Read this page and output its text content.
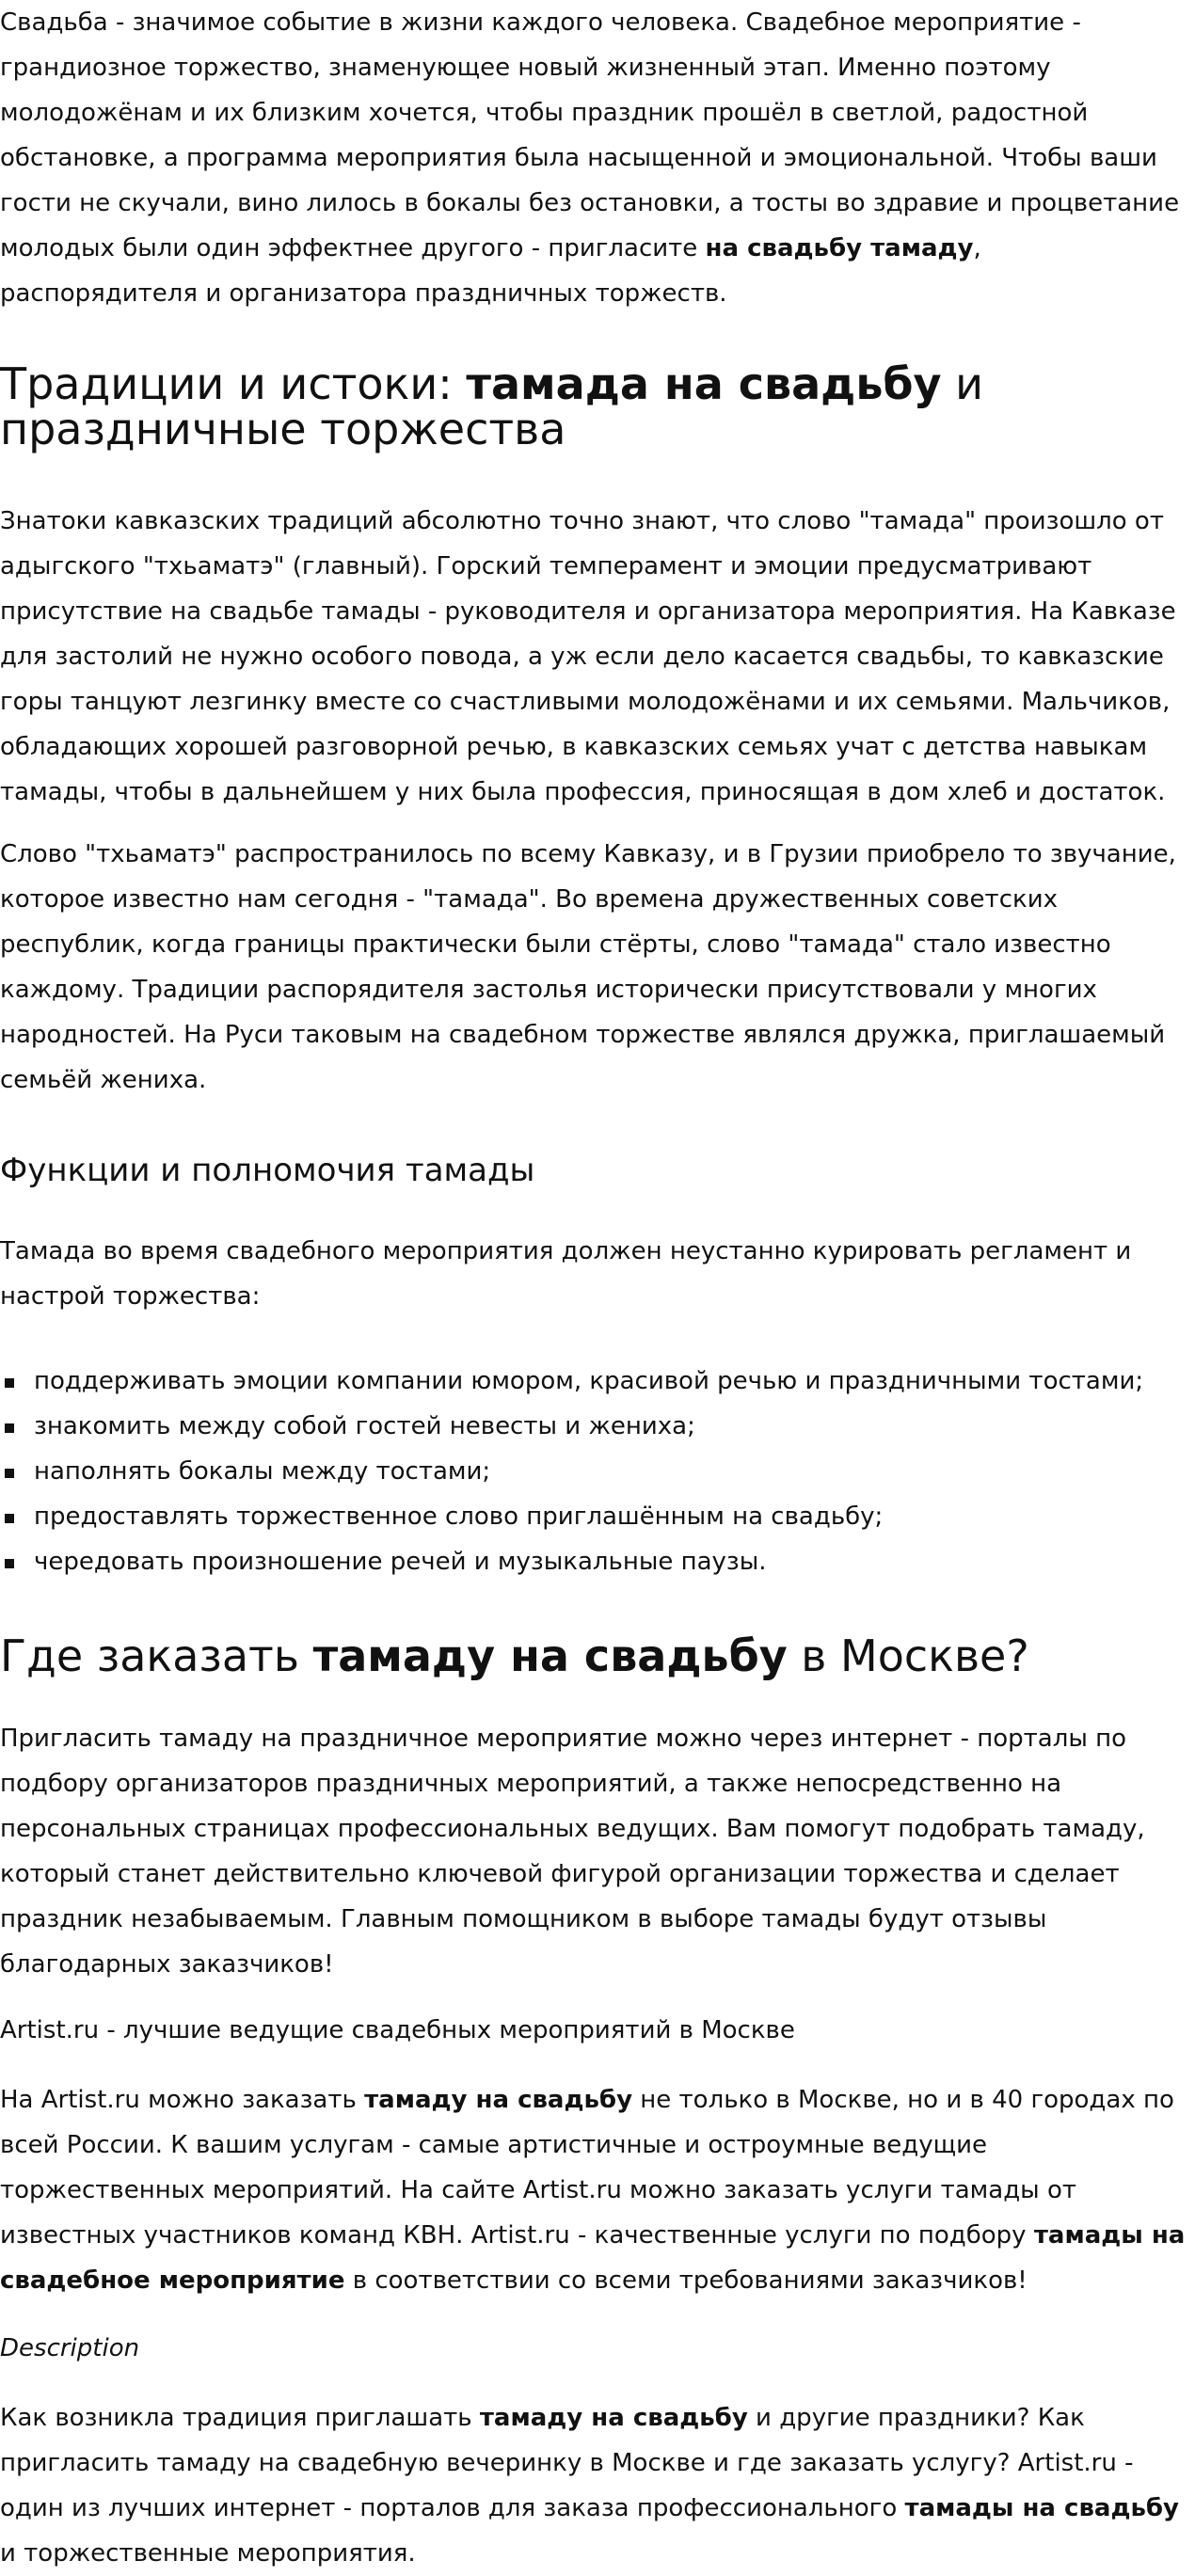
Свадьба - значимое событие в жизни каждого человека. Свадебное мероприятие - грандиозное торжество, знаменующее новый жизненный этап. Именно поэтому молодожёнам и их близким хочется, чтобы праздник прошёл в светлой, радостной обстановке, а программа мероприятия была насыщенной и эмоциональной. Чтобы ваши гости не скучали, вино лилось в бокалы без остановки, а тосты во здравие и процветание молодых были один эффектнее другого - пригласите на свадьбу тамаду, распорядителя и организатора праздничных торжеств.

Традиции и истоки: тамада на свадьбу и праздничные торжества

Знатоки кавказских традиций абсолютно точно знают, что слово "тамада" произошло от адыгского "тхьаматэ" (главный). Горский темперамент и эмоции предусматривают присутствие на свадьбе тамады - руководителя и организатора мероприятия. На Кавказе для застолий не нужно особого повода, а уж если дело касается свадьбы, то кавказские горы танцуют лезгинку вместе со счастливыми молодожёнами и их семьями. Мальчиков, обладающих хорошей разговорной речью, в кавказских семьях учат с детства навыкам тамады, чтобы в дальнейшем у них была профессия, приносящая в дом хлеб и достаток.

Слово "тхьаматэ" распространилось по всему Кавказу, и в Грузии приобрело то звучание, которое известно нам сегодня - "тамада". Во времена дружественных советских республик, когда границы практически были стёрты, слово "тамада" стало известно каждому. Традиции распорядителя застолья исторически присутствовали у многих народностей. На Руси таковым на свадебном торжестве являлся дружка, приглашаемый семьёй жениха.

Функции и полномочия тамады

Тамада во время свадебного мероприятия должен неустанно курировать регламент и настрой торжества:

поддерживать эмоции компании юмором, красивой речью и праздничными тостами;
знакомить между собой гостей невесты и жениха;
наполнять бокалы между тостами;
предоставлять торжественное слово приглашённым на свадьбу;
чередовать произношение речей и музыкальные паузы.
Где заказать тамаду на свадьбу в Москве?

Пригласить тамаду на праздничное мероприятие можно через интернет - порталы по подбору организаторов праздничных мероприятий, а также непосредственно на персональных страницах профессиональных ведущих. Вам помогут подобрать тамаду, который станет действительно ключевой фигурой организации торжества и сделает праздник незабываемым. Главным помощником в выборе тамады будут отзывы благодарных заказчиков!

Artist.ru - лучшие ведущие свадебных мероприятий в Москве

На Artist.ru можно заказать тамаду на свадьбу не только в Москве, но и в 40 городах по всей России. К вашим услугам - самые артистичные и остроумные ведущие торжественных мероприятий. На сайте Artist.ru можно заказать услуги тамады от известных участников команд КВН. Artist.ru - качественные услуги по подбору тамады на свадебное мероприятие в соответствии со всеми требованиями заказчиков!

Description

Как возникла традиция приглашать тамаду на свадьбу и другие праздники? Как пригласить тамаду на свадебную вечеринку в Москве и где заказать услугу? Artist.ru - один из лучших интернет - порталов для заказа профессионального тамады на свадьбу и торжественные мероприятия.
